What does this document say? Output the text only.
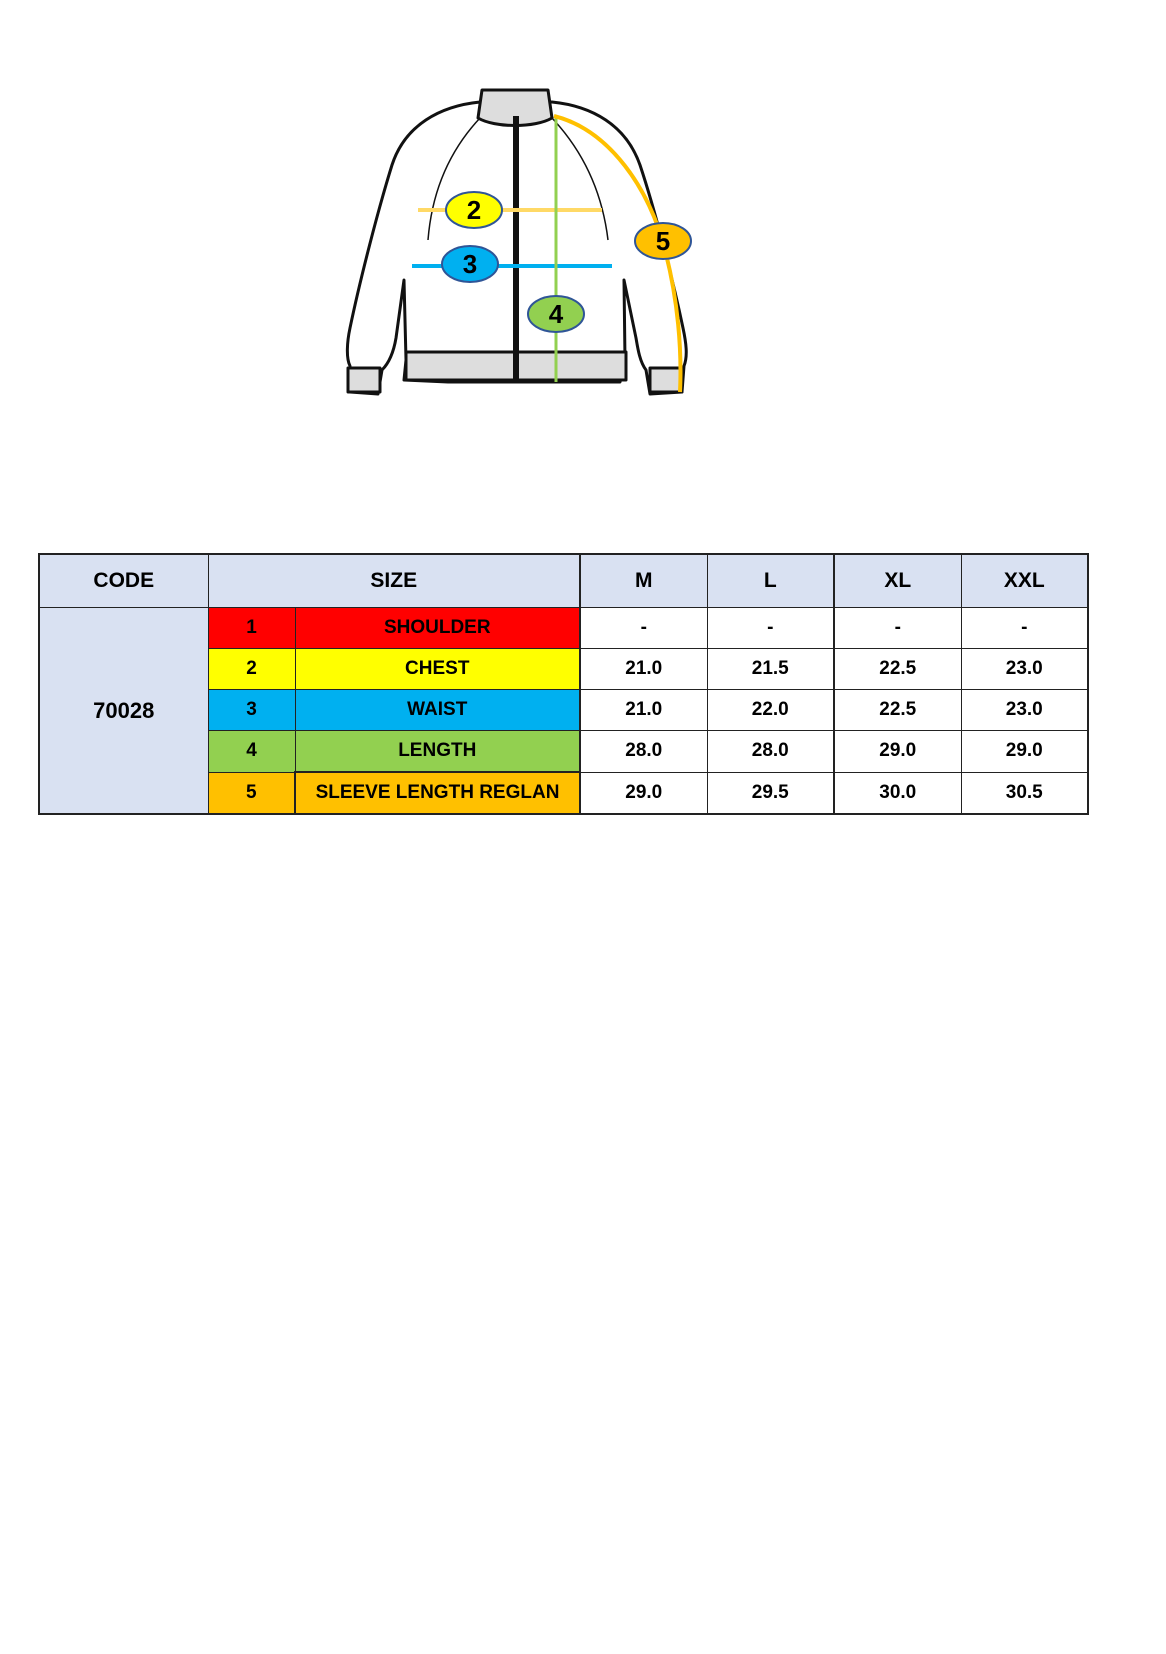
2
3
4
5
CODE	SIZE		M	L	XL	XXL
70028	1	SHOULDER	-	-	-	-
	2	CHEST	21.0	21.5	22.5	23.0
	3	WAIST	21.0	22.0	22.5	23.0
	4	LENGTH	28.0	28.0	29.0	29.0
	5	SLEEVE LENGTH REGLAN	29.0	29.5	30.0	30.5
